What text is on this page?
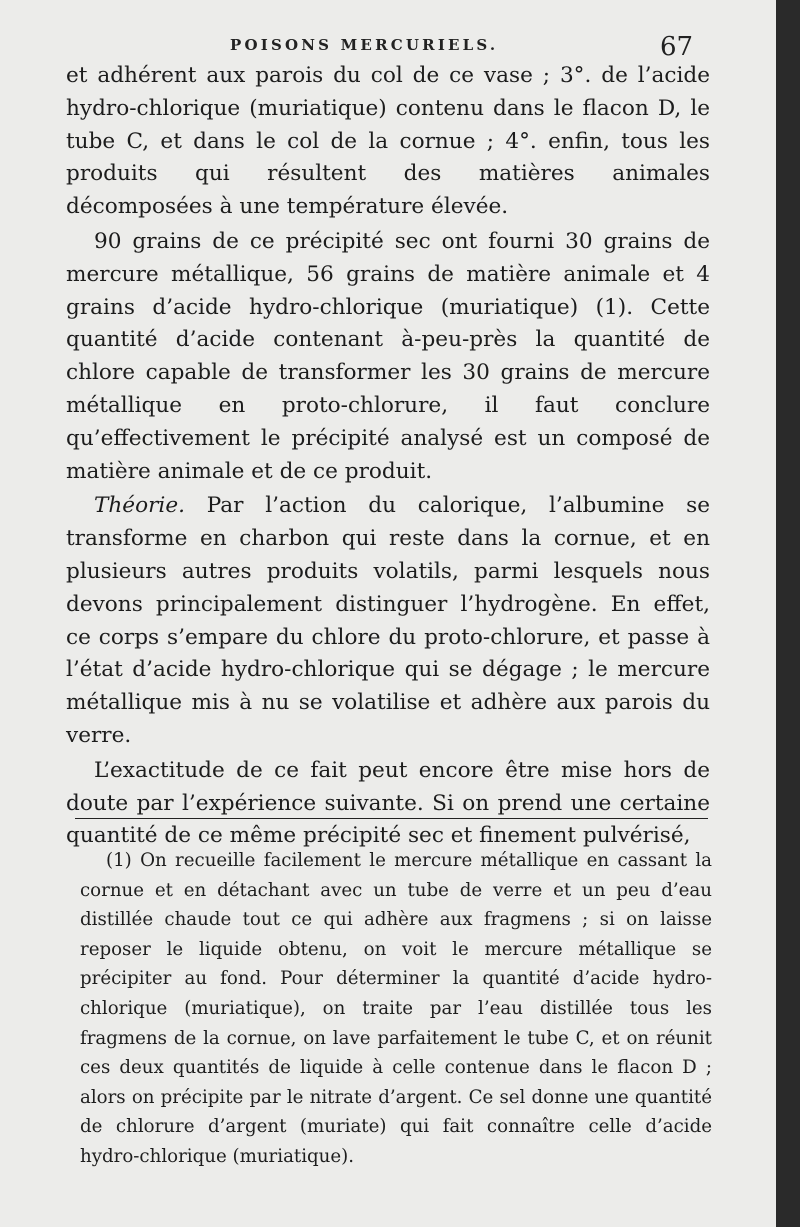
POISONS MERCURIELS.	67

et adhérent aux parois du col de ce vase ; 3°. de l’acide hydro-chlorique (muriatique) contenu dans le flacon D, le tube C, et dans le col de la cornue ; 4°. enfin, tous les produits qui résultent des matières animales décomposées à une température élevée.

90 grains de ce précipité sec ont fourni 30 grains de mercure métallique, 56 grains de matière animale et 4 grains d’acide hydro-chlorique (muriatique) (1). Cette quantité d’acide contenant à-peu-près la quantité de chlore capable de transformer les 30 grains de mercure métallique en proto-chlorure, il faut conclure qu’effectivement le précipité analysé est un composé de matière animale et de ce produit.

Théorie. Par l’action du calorique, l’albumine se transforme en charbon qui reste dans la cornue, et en plusieurs autres produits volatils, parmi lesquels nous devons principalement distinguer l’hydrogène. En effet, ce corps s’empare du chlore du proto-chlorure, et passe à l’état d’acide hydro-chlorique qui se dégage ; le mercure métallique mis à nu se volatilise et adhère aux parois du verre.

L’exactitude de ce fait peut encore être mise hors de doute par l’expérience suivante. Si on prend une certaine quantité de ce même précipité sec et finement pulvérisé,

(1) On recueille facilement le mercure métallique en cassant la cornue et en détachant avec un tube de verre et un peu d’eau distillée chaude tout ce qui adhère aux fragmens ; si on laisse reposer le liquide obtenu, on voit le mercure métallique se précipiter au fond. Pour déterminer la quantité d’acide hydro-chlorique (muriatique), on traite par l’eau distillée tous les fragmens de la cornue, on lave parfaitement le tube C, et on réunit ces deux quantités de liquide à celle contenue dans le flacon D ; alors on précipite par le nitrate d’argent. Ce sel donne une quantité de chlorure d’argent (muriate) qui fait connaître celle d’acide hydro-chlorique (muriatique).
